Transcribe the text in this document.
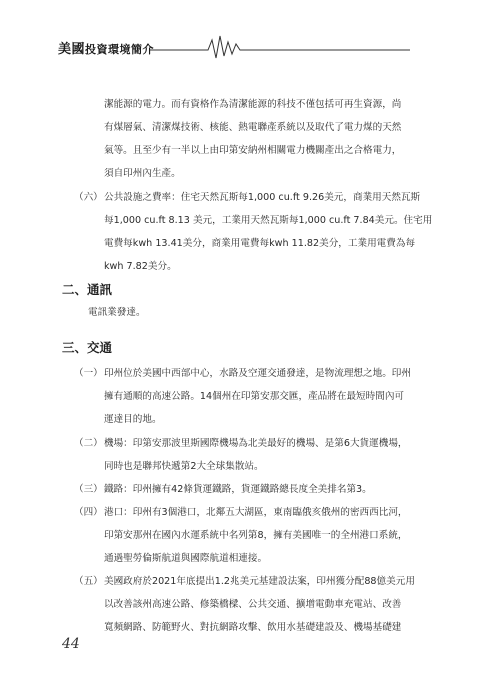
美國投資環境簡介
潔能源的電力。而有資格作為清潔能源的科技不僅包括可再生資源，尚
有煤層氣、清潔煤技術、核能、熱電聯產系統以及取代了電力煤的天然
氣等。且至少有一半以上由印第安納州相關電力機關產出之合格電力，
須自印州內生產。
（六） 公共設施之費率：住宅天然瓦斯每1,000 cu.ft 9.26美元，商業用天然瓦斯
每1,000 cu.ft 8.13 美元，工業用天然瓦斯每1,000 cu.ft 7.84美元。住宅用
電費每kwh 13.41美分，商業用電費每kwh 11.82美分，工業用電費為每
kwh 7.82美分。
二、通訊
電訊業發達。
三、交通
（一） 印州位於美國中西部中心，水路及空運交通發達，是物流理想之地。印州
擁有通順的高速公路。14個州在印第安那交匯，產品將在最短時間內可
運達目的地。
（二） 機場：印第安那波里斯國際機場為北美最好的機場、是第6大貨運機場，
同時也是聯邦快遞第2大全球集散站。
（三） 鐵路：印州擁有42條貨運鐵路，貨運鐵路總長度全美排名第3。
（四） 港口：印州有3個港口，北鄰五大湖區，東南臨俄亥俄州的密西西比河，
印第安那州在國內水運系統中名列第8，擁有美國唯一的全州港口系統，
通過聖勞倫斯航道與國際航道相連接。
（五） 美國政府於2021年底提出1.2兆美元基建設法案，印州獲分配88億美元用
以改善該州高速公路、修築橋樑、公共交通、擴增電動車充電站、改善
寬頻網路、防範野火、對抗網路攻擊、飲用水基礎建設及、機場基礎建
44
